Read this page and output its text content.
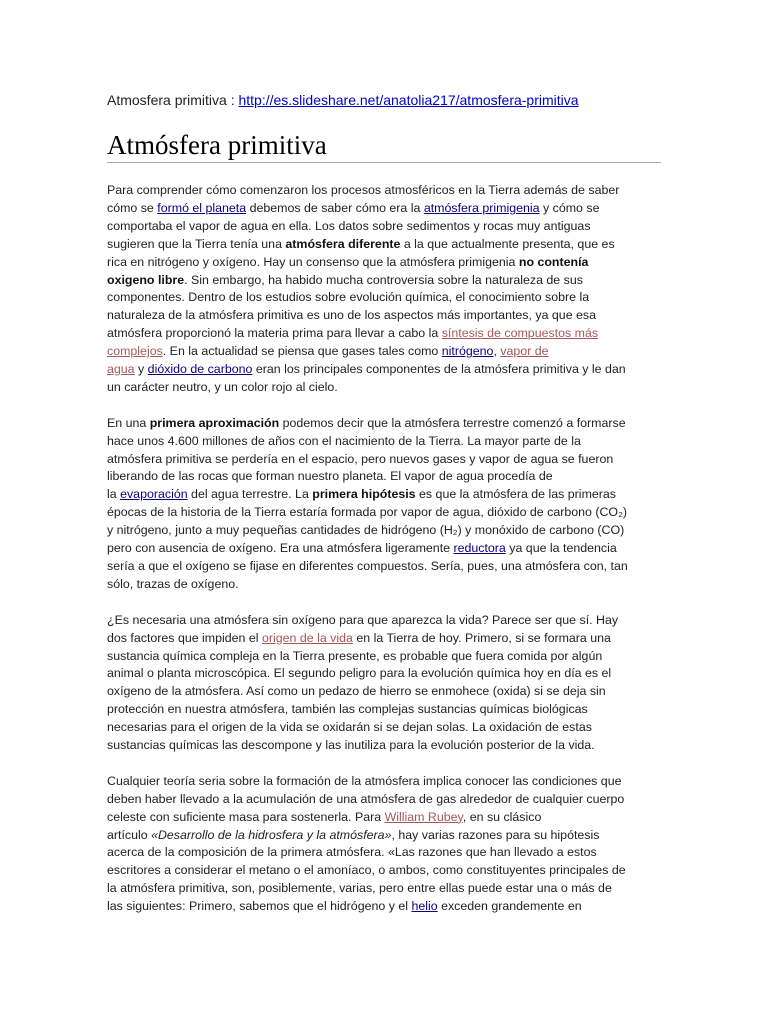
Atmosfera primitiva : http://es.slideshare.net/anatolia217/atmosfera-primitiva
Atmósfera primitiva

Para comprender cómo comenzaron los procesos atmosféricos en la Tierra además de saber
cómo se formó el planeta debemos de saber cómo era la atmósfera primigenia y cómo se
comportaba el vapor de agua en ella. Los datos sobre sedimentos y rocas muy antiguas
sugieren que la Tierra tenía una atmósfera diferente a la que actualmente presenta, que es
rica en nitrógeno y oxígeno. Hay un consenso que la atmósfera primigenia no contenía
oxigeno libre. Sin embargo, ha habido mucha controversia sobre la naturaleza de sus
componentes. Dentro de los estudios sobre evolución química, el conocimiento sobre la
naturaleza de la atmósfera primitiva es uno de los aspectos más importantes, ya que esa
atmósfera proporcionó la materia prima para llevar a cabo la síntesis de compuestos más
complejos. En la actualidad se piensa que gases tales como nitrógeno, vapor de
agua y dióxido de carbono eran los principales componentes de la atmósfera primitiva y le dan
un carácter neutro, y un color rojo al cielo.

En una primera aproximación podemos decir que la atmósfera terrestre comenzó a formarse
hace unos 4.600 millones de años con el nacimiento de la Tierra. La mayor parte de la
atmósfera primitiva se perdería en el espacio, pero nuevos gases y vapor de agua se fueron
liberando de las rocas que forman nuestro planeta. El vapor de agua procedía de
la evaporación del agua terrestre. La primera hipótesis es que la atmósfera de las primeras
épocas de la historia de la Tierra estaría formada por vapor de agua, dióxido de carbono (CO₂)
y nitrógeno, junto a muy pequeñas cantidades de hidrógeno (H₂) y monóxido de carbono (CO)
pero con ausencia de oxígeno. Era una atmósfera ligeramente reductora ya que la tendencia
sería a que el oxígeno se fijase en diferentes compuestos. Sería, pues, una atmósfera con, tan
sólo, trazas de oxígeno.

¿Es necesaria una atmósfera sin oxígeno para que aparezca la vida? Parece ser que sí. Hay
dos factores que impiden el origen de la vida en la Tierra de hoy. Primero, si se formara una
sustancia química compleja en la Tierra presente, es probable que fuera comida por algún
animal o planta microscópica. El segundo peligro para la evolución química hoy en día es el
oxígeno de la atmósfera. Así como un pedazo de hierro se enmohece (oxida) si se deja sin
protección en nuestra atmósfera, también las complejas sustancias químicas biológicas
necesarias para el origen de la vida se oxidarán si se dejan solas. La oxidación de estas
sustancias químicas las descompone y las inutiliza para la evolución posterior de la vida.

Cualquier teoría seria sobre la formación de la atmósfera implica conocer las condiciones que
deben haber llevado a la acumulación de una atmósfera de gas alrededor de cualquier cuerpo
celeste con suficiente masa para sostenerla. Para William Rubey, en su clásico
artículo «Desarrollo de la hidrosfera y la atmósfera», hay varias razones para su hipótesis
acerca de la composición de la primera atmósfera. «Las razones que han llevado a estos
escritores a considerar el metano o el amoníaco, o ambos, como constituyentes principales de
la atmósfera primitiva, son, posiblemente, varias, pero entre ellas puede estar una o más de
las siguientes: Primero, sabemos que el hidrógeno y el helio exceden grandemente en
